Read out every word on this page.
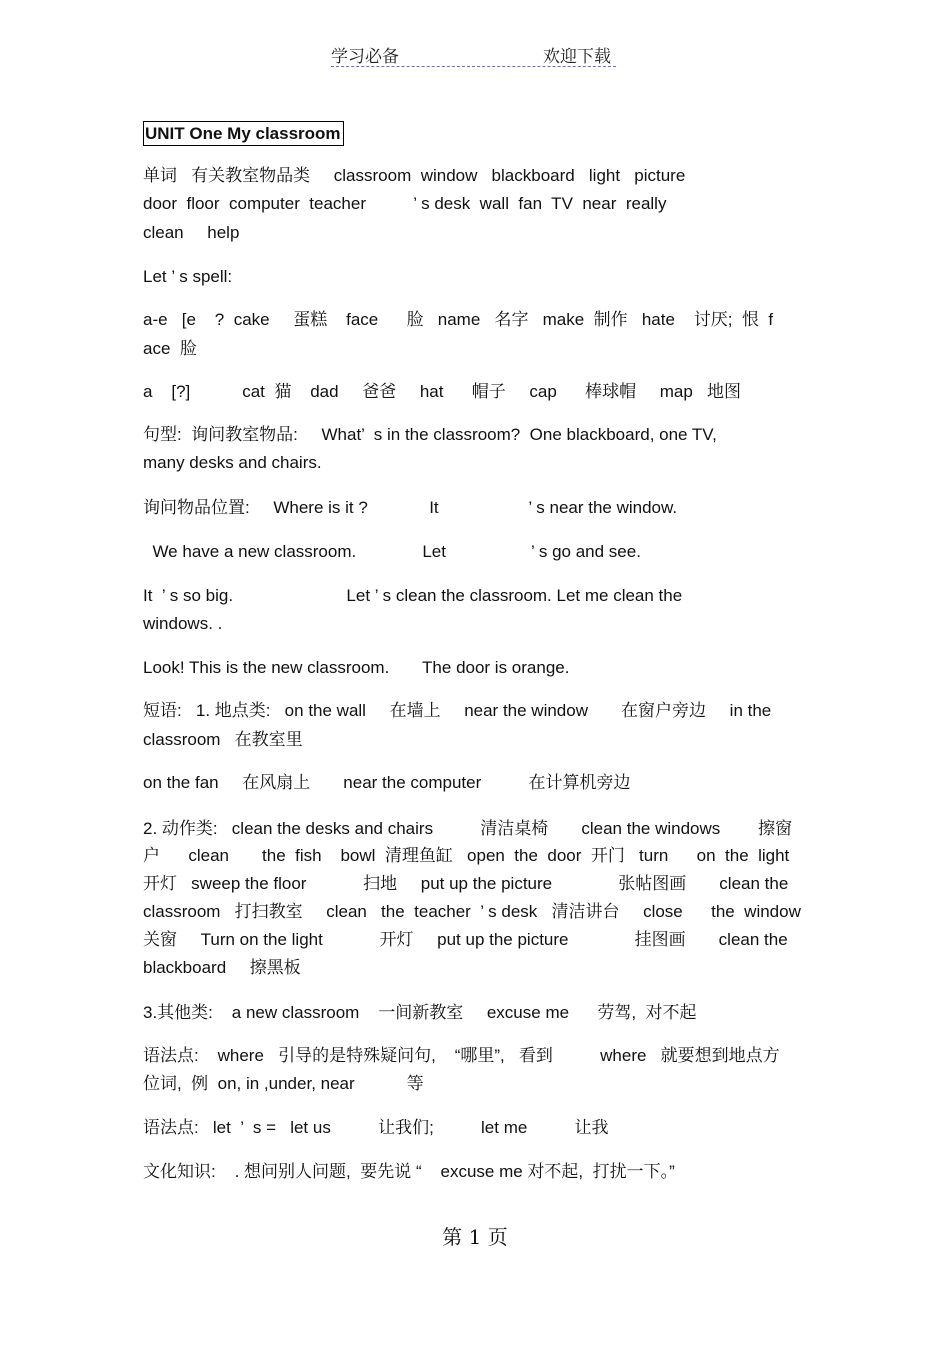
学习必备	欢迎下载
UNIT One My classroom
单词   有关教室物品类     classroom  window   blackboard   light   picture
door  floor  computer  teacher          ’ s desk  wall  fan  TV  near  really
clean     help
Let ’ s spell:
a-e   [e    ?  cake     蛋糕    face      脸   name   名字   make  制作   hate    讨厌;  恨  f
ace  脸
a    [?]           cat  猫    dad     爸爸     hat      帽子     cap      棒球帽     map   地图
句型:  询问教室物品:     What’  s in the classroom?  One blackboard, one TV,
many desks and chairs.
询问物品位置:     Where is it ?             It                   ’ s near the window.
We have a new classroom.              Let                  ’ s go and see.
It  ’ s so big.                        Let ’ s clean the classroom. Let me clean the
windows. .
Look! This is the new classroom.       The door is orange.
短语:   1. 地点类:   on the wall     在墙上     near the window       在窗户旁边     in the
classroom   在教室里
on the fan     在风扇上       near the computer          在计算机旁边
2. 动作类:   clean the desks and chairs          清洁桌椅       clean the windows        擦窗
户      clean       the  fish    bowl  清理鱼缸   open  the  door  开门   turn      on  the  light
开灯   sweep the floor            扫地     put up the picture              张帖图画       clean the
classroom   打扫教室     clean   the  teacher  ’ s desk   清洁讲台     close      the  window
关窗     Turn on the light            开灯     put up the picture              挂图画       clean the
blackboard     擦黑板
3.其他类:    a new classroom    一间新教室     excuse me      劳驾,  对不起
语法点:    where   引导的是特殊疑问句,    “哪里”,   看到          where   就要想到地点方
位词,  例  on, in ,under, near           等
语法点:   let  ’  s =   let us          让我们;          let me          让我
文化知识:    . 想问别人问题,  要先说 “    excuse me 对不起,  打扰一下。”
第 1 页
